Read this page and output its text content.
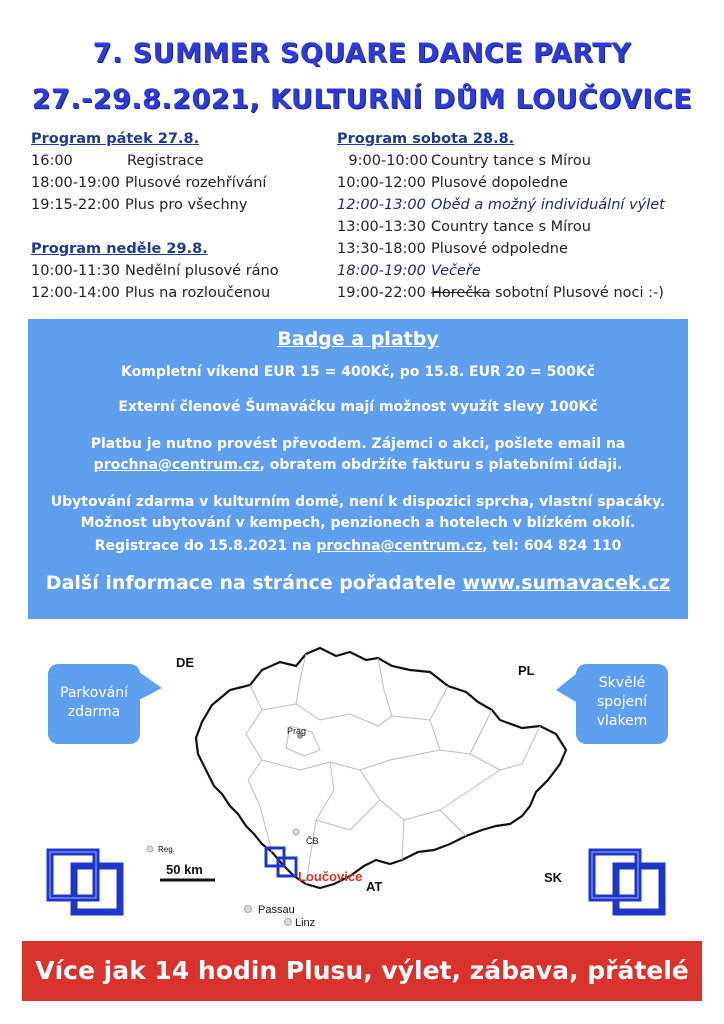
7. SUMMER SQUARE DANCE PARTY
27.-29.8.2021, KULTURNÍ DŮM LOUČOVICE
Program pátek 27.8.
16:00	Registrace
18:00-19:00 Plusové rozehřívání
19:15-22:00 Plus pro všechny
Program neděle 29.8.
10:00-11:30 Nedělní plusové ráno
12:00-14:00 Plus na rozloučenou
Program sobota 28.8.
9:00-10:00 Country tance s Mírou
10:00-12:00 Plusové dopoledne
12:00-13:00 Oběd a možný individuální výlet
13:00-13:30 Country tance s Mírou
13:30-18:00 Plusové odpoledne
18:00-19:00 Večeře
19:00-22:00 Horečka sobotní Plusové noci :-)
Badge a platby

Kompletní víkend EUR 15 = 400Kč, po 15.8. EUR 20 = 500Kč

Externí členové Šumaváčku mají možnost využít slevy 100Kč

Platbu je nutno provést převodem. Zájemci o akci, pošlete email na
prochna@centrum.cz, obratem obdržíte fakturu s platebními údaji.

Ubytování zdarma v kulturním domě, není k dispozici sprcha, vlastní spacáky.

Možnost ubytování v kempech, penzionech a hotelech v blízkém okolí.

Registrace do 15.8.2021 na prochna@centrum.cz, tel: 604 824 110

Další informace na stránce pořadatele www.sumavacek.cz

DE
PL
SK
AT
Prag
ČB
Reg.
Passau
Linz
50 km	Loučovice
Parkování
zdarma
Skvělé
spojení
vlakem
Více jak 14 hodin Plusu, výlet, zábava, přátelé
